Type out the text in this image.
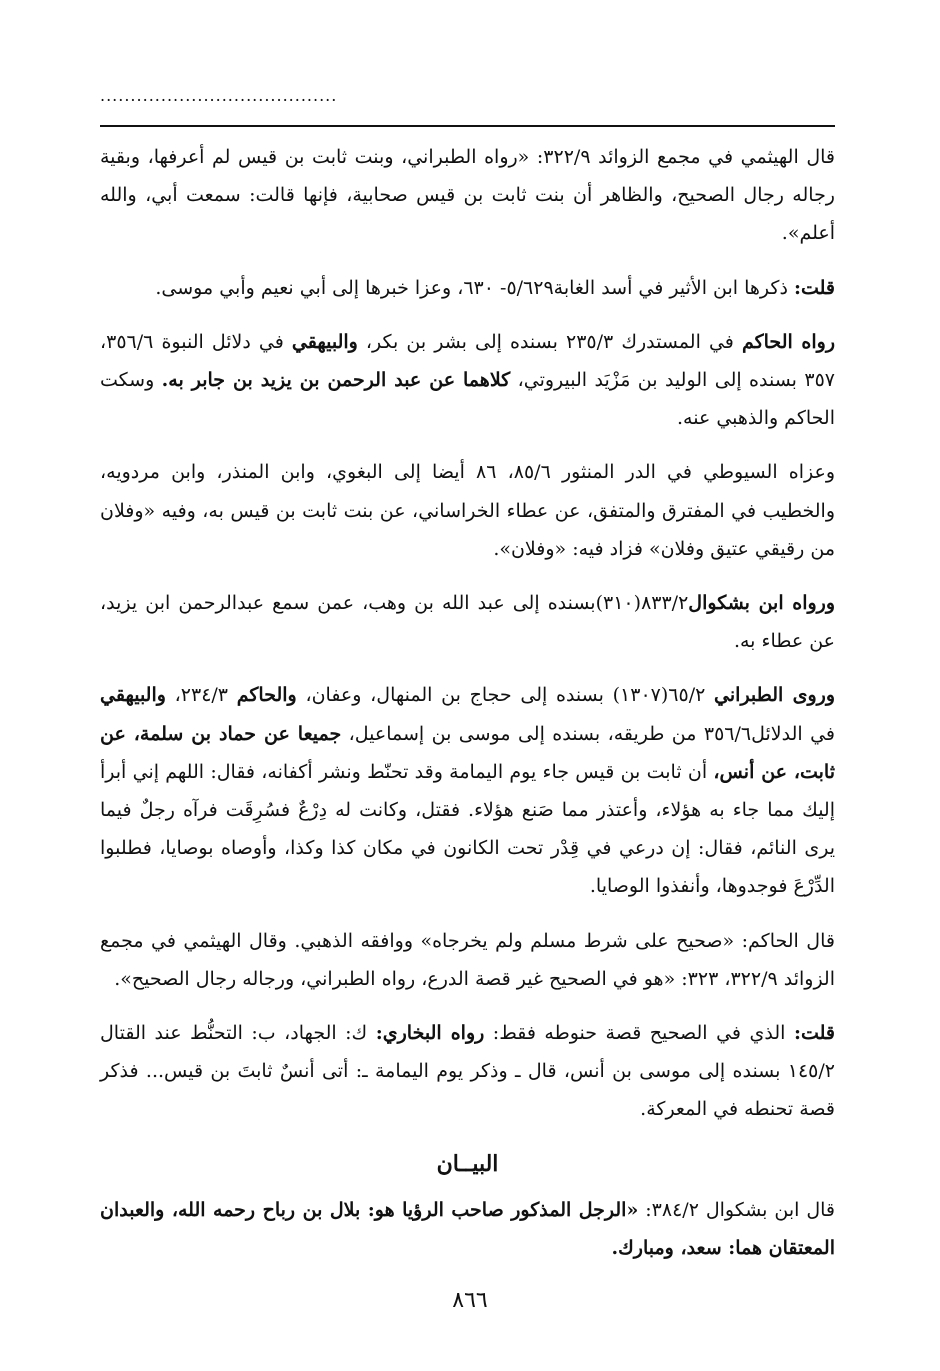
.......................................

قال الهيثمي في مجمع الزوائد ٣٢٢/٩: «رواه الطبراني، وبنت ثابت بن قيس لم أعرفها، وبقية رجاله رجال الصحيح، والظاهر أن بنت ثابت بن قيس صحابية، فإنها قالت: سمعت أبي، والله أعلم».

قلت: ذكرها ابن الأثير في أسد الغابة٥/٦٢٩- ٦٣٠، وعزا خبرها إلى أبي نعيم وأبي موسى.

رواه الحاكم في المستدرك ٢٣٥/٣ بسنده إلى بشر بن بكر، والبيهقي في دلائل النبوة ٣٥٦/٦، ٣٥٧ بسنده إلى الوليد بن مَزْيَد البيروتي، كلاهما عن عبد الرحمن بن يزيد بن جابر به. وسكت الحاكم والذهبي عنه.

وعزاه السيوطي في الدر المنثور ٨٥/٦، ٨٦ أيضا إلى البغوي، وابن المنذر، وابن مردويه، والخطيب في المفترق والمتفق، عن عطاء الخراساني، عن بنت ثابت بن قيس به، وفيه «وفلان من رقيقي عتيق وفلان» فزاد فيه: «وفلان».

ورواه ابن بشكوال٨٣٣/٢(٣١٠)بسنده إلى عبد الله بن وهب، عمن سمع عبدالرحمن ابن يزيد، عن عطاء به.

وروى الطبراني ٦٥/٢(١٣٠٧) بسنده إلى حجاج بن المنهال، وعفان، والحاكم ٢٣٤/٣، والبيهقي في الدلائل٣٥٦/٦ من طريقه، بسنده إلى موسى بن إسماعيل، جميعا عن حماد بن سلمة، عن ثابت، عن أنس، أن ثابت بن قيس جاء يوم اليمامة وقد تحنّط ونشر أكفانه، فقال: اللهم إني أبرأ إليك مما جاء به هؤلاء، وأعتذر مما صَنع هؤلاء. فقتل، وكانت له دِرْعٌ فسُرِقَت فرآه رجلٌ فيما يرى النائم، فقال: إن درعي في قِدْر تحت الكانون في مكان كذا وكذا، وأوصاه بوصايا، فطلبوا الدِّرْعَ فوجدوها، وأنفذوا الوصايا.

قال الحاكم: «صحيح على شرط مسلم ولم يخرجاه» ووافقه الذهبي. وقال الهيثمي في مجمع الزوائد ٣٢٢/٩، ٣٢٣: «هو في الصحيح غير قصة الدرع، رواه الطبراني، ورجاله رجال الصحيح».

قلت: الذي في الصحيح قصة حنوطه فقط: رواه البخاري: ك: الجهاد، ب: التحنُّط عند القتال ١٤٥/٢ بسنده إلى موسى بن أنس، قال ـ وذكر يوم اليمامة ـ: أتى أنسٌ ثابتَ بن قيس... فذكر قصة تحنطه في المعركة.

البيــان

قال ابن بشكوال ٣٨٤/٢: «الرجل المذكور صاحب الرؤيا هو: بلال بن رباح رحمه الله، والعبدان المعتقان هما: سعد، ومبارك.

٨٦٦
